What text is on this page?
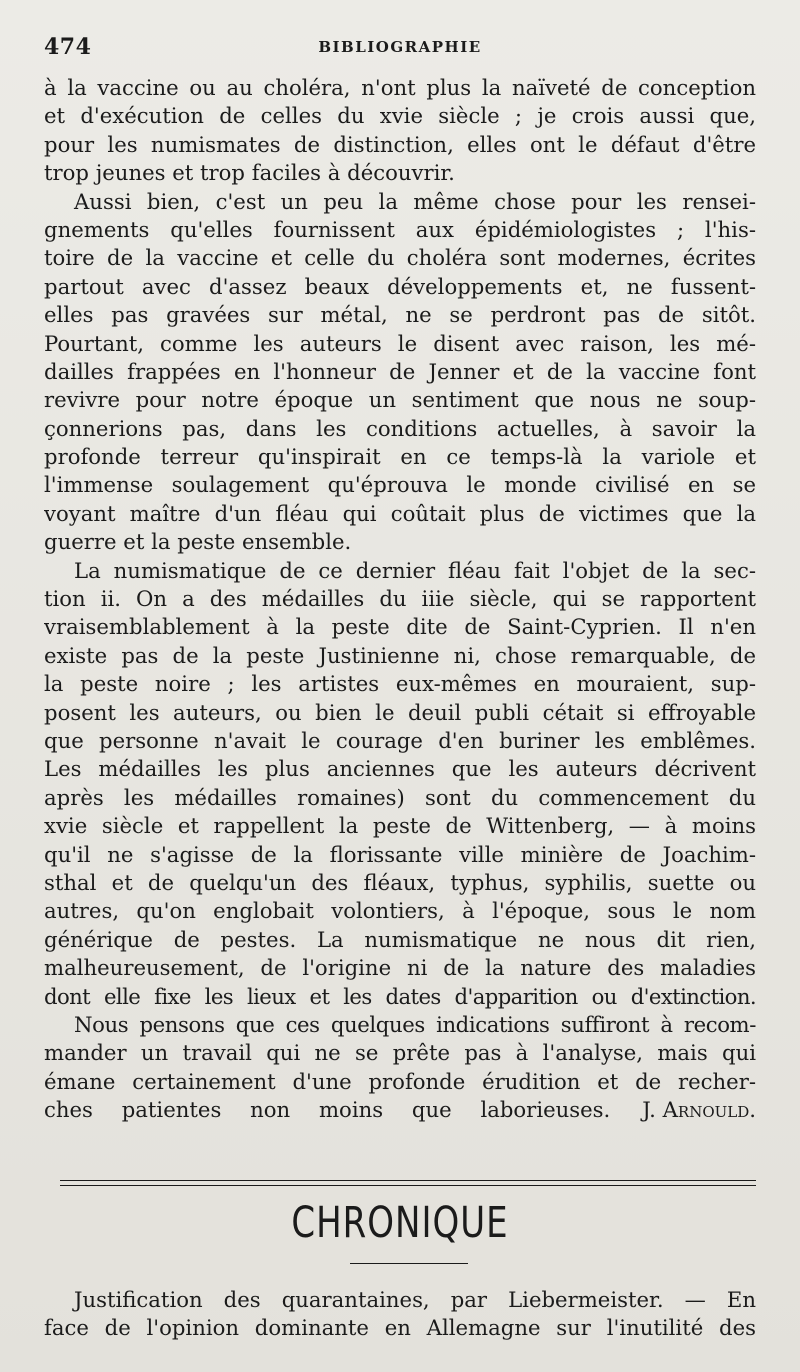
474	BIBLIOGRAPHIE
à la vaccine ou au choléra, n'ont plus la naïveté de conception
et d'exécution de celles du xvie siècle ; je crois aussi que,
pour les numismates de distinction, elles ont le défaut d'être
trop jeunes et trop faciles à découvrir.
Aussi bien, c'est un peu la même chose pour les rensei-
gnements qu'elles fournissent aux épidémiologistes ; l'his-
toire de la vaccine et celle du choléra sont modernes, écrites
partout avec d'assez beaux développements et, ne fussent-
elles pas gravées sur métal, ne se perdront pas de sitôt.
Pourtant, comme les auteurs le disent avec raison, les mé-
dailles frappées en l'honneur de Jenner et de la vaccine font
revivre pour notre époque un sentiment que nous ne soup-
çonnerions pas, dans les conditions actuelles, à savoir la
profonde terreur qu'inspirait en ce temps-là la variole et
l'immense soulagement qu'éprouva le monde civilisé en se
voyant maître d'un fléau qui coûtait plus de victimes que la
guerre et la peste ensemble.
La numismatique de ce dernier fléau fait l'objet de la sec-
tion ii. On a des médailles du iiie siècle, qui se rapportent
vraisemblablement à la peste dite de Saint-Cyprien. Il n'en
existe pas de la peste Justinienne ni, chose remarquable, de
la peste noire ; les artistes eux-mêmes en mouraient, sup-
posent les auteurs, ou bien le deuil publi cétait si effroyable
que personne n'avait le courage d'en buriner les emblêmes.
Les médailles les plus anciennes que les auteurs décrivent
après les médailles romaines) sont du commencement du
xvie siècle et rappellent la peste de Wittenberg, — à moins
qu'il ne s'agisse de la florissante ville minière de Joachim-
sthal et de quelqu'un des fléaux, typhus, syphilis, suette ou
autres, qu'on englobait volontiers, à l'époque, sous le nom
générique de pestes. La numismatique ne nous dit rien,
malheureusement, de l'origine ni de la nature des maladies
dont elle fixe les lieux et les dates d'apparition ou d'extinction.
Nous pensons que ces quelques indications suffiront à recom-
mander un travail qui ne se prête pas à l'analyse, mais qui
émane certainement d'une profonde érudition et de recher-
ches patientes non moins que laborieuses. J. Arnould.
CHRONIQUE
Justification des quarantaines, par Liebermeister. — En
face de l'opinion dominante en Allemagne sur l'inutilité des
